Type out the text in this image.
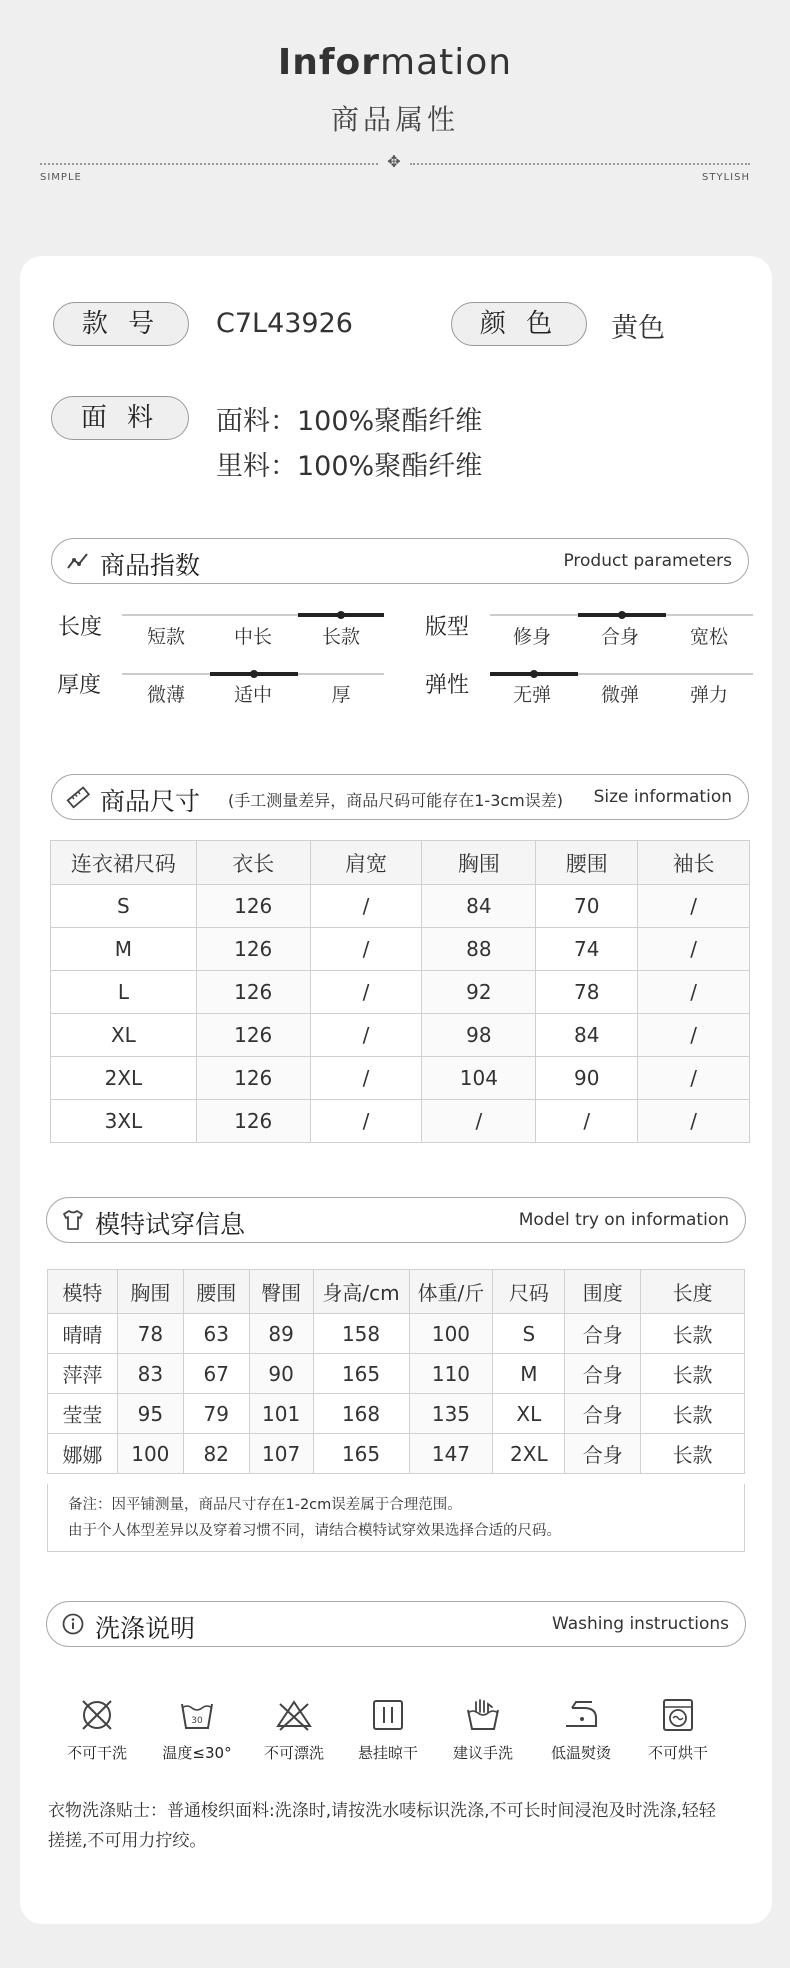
Information
商品属性
✥
SIMPLE	STYLISH
款 号	C7L43926	颜 色	黄色
面 料	面料：100%聚酯纤维
里料：100%聚酯纤维
商品指数	Product parameters
长度	短款	中长	长款	版型	修身	合身	宽松
厚度	微薄	适中	厚	弹性	无弹	微弹	弹力
商品尺寸 (手工测量差异，商品尺码可能存在1-3cm误差) Size information
连衣裙尺码	衣长	肩宽	胸围	腰围	袖长
S	126	/	84	70	/
M	126	/	88	74	/
L	126	/	92	78	/
XL	126	/	98	84	/
2XL	126	/	104	90	/
3XL	126	/	/	/	/
模特试穿信息	Model try on information
模特	胸围	腰围	臀围	身高/cm	体重/斤	尺码	围度	长度
晴晴	78	63	89	158	100	S	合身	长款
萍萍	83	67	90	165	110	M	合身	长款
莹莹	95	79	101	168	135	XL	合身	长款
娜娜	100	82	107	165	147	2XL	合身	长款
备注：因平铺测量，商品尺寸存在1-2cm误差属于合理范围。
由于个人体型差异以及穿着习惯不同，请结合模特试穿效果选择合适的尺码。
洗涤说明	Washing instructions
不可干洗
30
温度≤30°	不可漂洗	悬挂晾干	建议手洗	低温熨烫	不可烘干
衣物洗涤贴士：普通梭织面料:洗涤时,请按洗水唛标识洗涤,不可长时间浸泡及时洗涤,轻轻
搓搓,不可用力拧绞。
